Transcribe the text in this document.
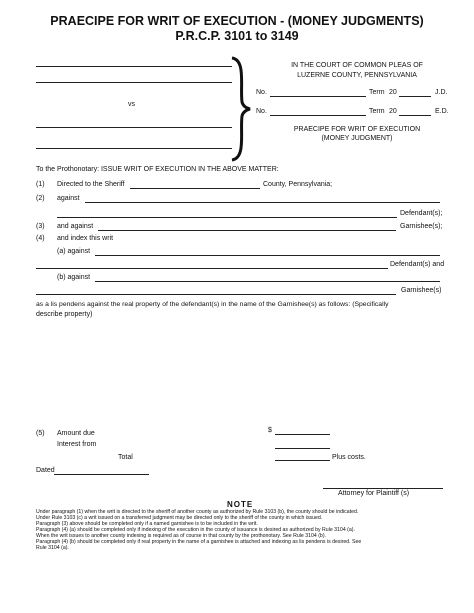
PRAECIPE FOR WRIT OF EXECUTION - (MONEY JUDGMENTS)
P.R.C.P. 3101 to 3149
vs
IN THE COURT OF COMMON PLEAS OF
LUZERNE COUNTY, PENNSYLVANIA
No.	Term 20	J.D.
No.	Term 20	E.D.
PRAECIPE FOR WRIT OF EXECUTION
(MONEY JUDGMENT)
To the Prothonotary: ISSUE WRIT OF EXECUTION IN THE ABOVE MATTER:
(1) Directed to the Sheriff	County, Pennsylvania;
(2) against
Defendant(s);
(3) and against	Garnishee(s);
(4) and index this writ
(a) against
Defendant(s) and
(b) against
Garnishee(s)
as a lis pendens against the real property of the defendant(s) in the name of the Garnishee(s) as follows: (Specifically
describe property)
(5) Amount due	$
Interest from
Total	Plus costs.
Dated
Attorney for Plaintiff (s)
NOTE
Under paragraph (1) when the writ is directed to the sheriff of another county as authorized by Rule 3103 (b), the county should be indicated.
Under Rule 3103 (c) a writ issued on a transferred judgment may be directed only to the sheriff of the county in which issued.
Paragraph (3) above should be completed only if a named garnishee is to be included in the writ.
Paragraph (4) (a) should be completed only if indexing of the execution in the county of issuance is desired as authorized by Rule 3104 (a).
When the writ issues to another county indexing is required as of course in that county by the prothonotary. See Rule 3104 (b).
Paragraph (4) (b) should be completed only if real property in the name of a garnishee is attached and indexing as lis pendens is desired. See
Rule 3104 (a).
